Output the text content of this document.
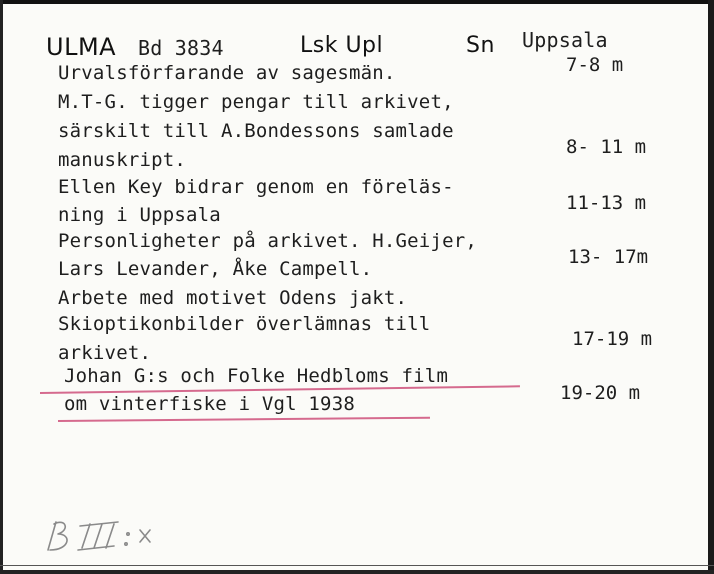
ULMA Bd 3834	Lsk Upl	Sn Uppsala
Urvalsförfarande av sagesmän.	7-8 m
M.T-G. tigger pengar till arkivet,
särskilt till A.Bondessons samlade
manuskript.
8- 11 m
Ellen Key bidrar genom en föreläs-
ning i Uppsala
11-13 m
Personligheter på arkivet. H.Geijer,
Lars Levander, Åke Campell.
13- 17m
Arbete med motivet Odens jakt.
Skioptikonbilder överlämnas till
arkivet.
17-19 m
Johan G:s och Folke Hedbloms film
om vinterfiske i Vgl 1938	19-20 m
